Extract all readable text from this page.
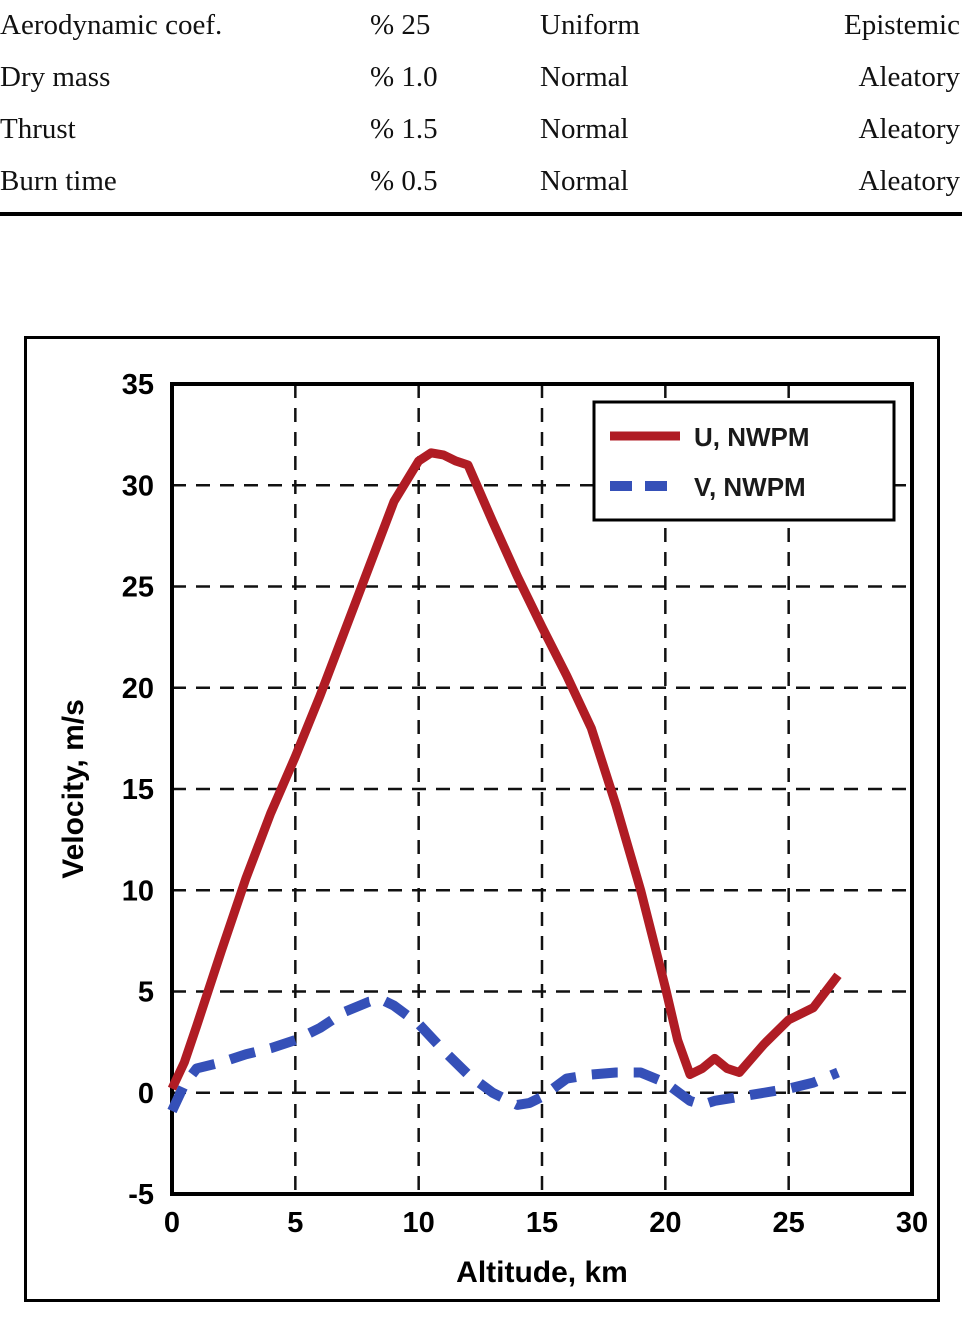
Aerodynamic coef.	% 25	Uniform	Epistemic
Dry mass	% 1.0	Normal	Aleatory
Thrust	% 1.5	Normal	Aleatory
Burn time	% 0.5	Normal	Aleatory
0	5	10	15	20	25	30
-5
0
5
10
15
20
25
30
35
Altitude, km
Velocity, m/s
U, NWPM
V, NWPM
